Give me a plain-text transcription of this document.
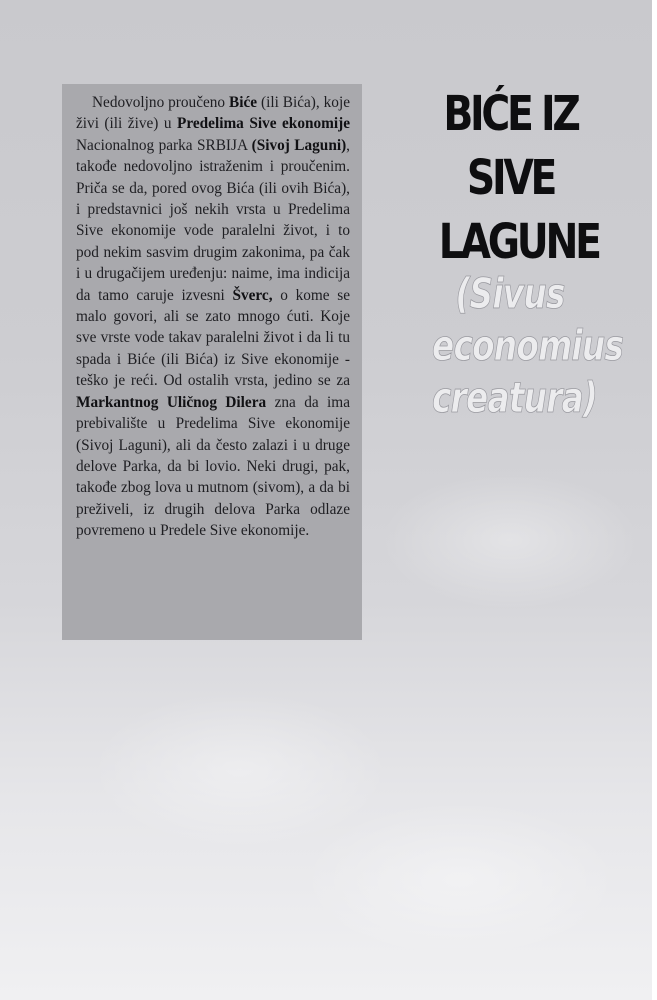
Nedovoljno proučeno Biće (ili Bića), koje živi (ili žive) u Predelima Sive ekonomije Nacionalnog parka SRBIJA (Sivoj Laguni), takođe nedovoljno istraženim i proučenim. Priča se da, pored ovog Bića (ili ovih Bića), i predstavnici još nekih vrsta u Predelima Sive ekonomije vode paralelni život, i to pod nekim sasvim drugim zakonima, pa čak i u drugačijem uređenju: naime, ima indicija da tamo caruje izvesni Šverc, o kome se malo govori, ali se zato mnogo ćuti. Koje sve vrste vode takav paralelni život i da li tu spada i Biće (ili Bića) iz Sive ekonomije - teško je reći. Od ostalih vrsta, jedino se za Markantnog Uličnog Dilera zna da ima prebivalište u Predelima Sive ekonomije (Sivoj Laguni), ali da često zalazi i u druge delove Parka, da bi lovio. Neki drugi, pak, takođe zbog lova u mutnom (sivom), a da bi preživeli, iz drugih delova Parka odlaze povremeno u Predele Sive ekonomije.

BIĆE IZ
SIVE
LAGUNE
(Sivus
economius
creatura)
